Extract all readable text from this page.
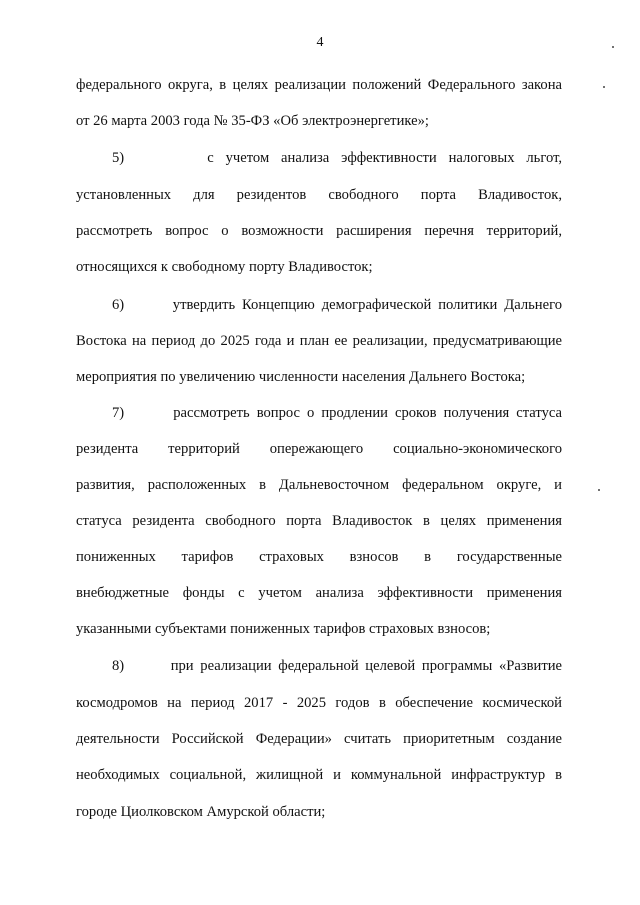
4
федерального округа, в целях реализации положений Федерального закона
от 26 марта 2003 года № 35-ФЗ «Об электроэнергетике»;
5)       с учетом анализа эффективности налоговых льгот,
установленных для резидентов свободного порта Владивосток,
рассмотреть вопрос о возможности расширения перечня территорий,
относящихся к свободному порту Владивосток;
6)       утвердить Концепцию демографической политики Дальнего
Востока на период до 2025 года и план ее реализации, предусматривающие
мероприятия по увеличению численности населения Дальнего Востока;
7)       рассмотреть вопрос о продлении сроков получения статуса
резидента территорий опережающего социально-экономического
развития, расположенных в Дальневосточном федеральном округе, и
статуса резидента свободного порта Владивосток в целях применения
пониженных тарифов страховых взносов в государственные
внебюджетные фонды с учетом анализа эффективности применения
указанными субъектами пониженных тарифов страховых взносов;
8)       при реализации федеральной целевой программы «Развитие
космодромов на период 2017 - 2025 годов в обеспечение космической
деятельности Российской Федерации» считать приоритетным создание
необходимых социальной, жилищной и коммунальной инфраструктур в
городе Циолковском Амурской области;
